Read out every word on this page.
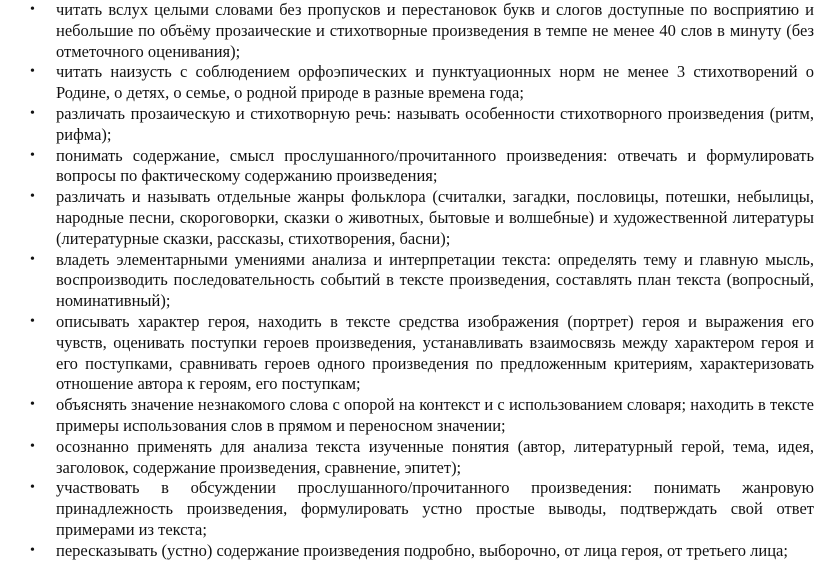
• читать вслух целыми словами без пропусков и перестановок букв и слогов доступные по восприятию и небольшие по объёму прозаические и стихотворные произведения в темпе не менее 40 слов в минуту (без отметочного оценивания);
• читать наизусть с соблюдением орфоэпических и пунктуационных норм не менее 3 стихотворений о Родине, о детях, о семье, о родной природе в разные времена года;
• различать прозаическую и стихотворную речь: называть особенности стихотворного произведения (ритм, рифма);
• понимать содержание, смысл прослушанного/прочитанного произведения: отвечать и формулировать вопросы по фактическому содержанию произведения;
• различать и называть отдельные жанры фольклора (считалки, загадки, пословицы, потешки, небылицы, народные песни, скороговорки, сказки о животных, бытовые и волшебные) и художественной литературы (литературные сказки, рассказы, стихотворения, басни);
• владеть элементарными умениями анализа и интерпретации текста: определять тему и главную мысль, воспроизводить последовательность событий в тексте произведения, составлять план текста (вопросный, номинативный);
• описывать характер героя, находить в тексте средства изображения (портрет) героя и выражения его чувств, оценивать поступки героев произведения, устанавливать взаимосвязь между характером героя и его поступками, сравнивать героев одного произведения по предложенным критериям, характеризовать отношение автора к героям, его поступкам;
• объяснять значение незнакомого слова с опорой на контекст и с использованием словаря; находить в тексте примеры использования слов в прямом и переносном значении;
• осознанно применять для анализа текста изученные понятия (автор, литературный герой, тема, идея, заголовок, содержание произведения, сравнение, эпитет);
• участвовать в обсуждении прослушанного/прочитанного произведения: понимать жанровую принадлежность произведения, формулировать устно простые выводы, подтверждать свой ответ примерами из текста;
• пересказывать (устно) содержание произведения подробно, выборочно, от лица героя, от третьего лица;
